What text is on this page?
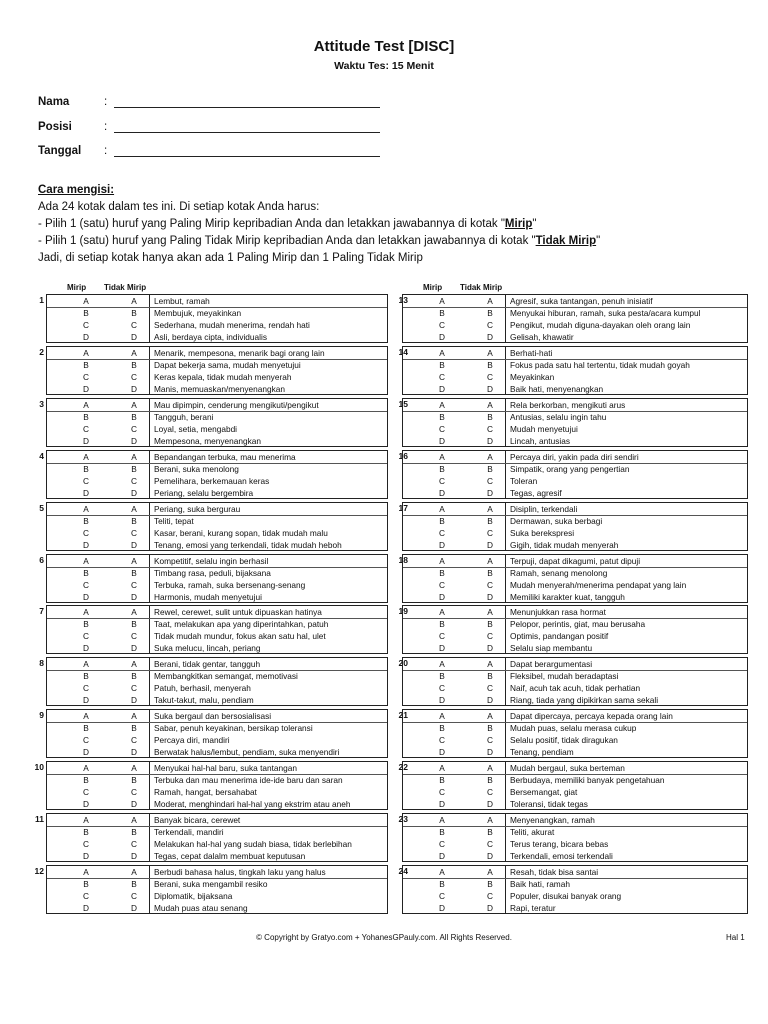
Attitude Test [DISC]
Waktu Tes: 15 Menit
Nama	:
Posisi	:
Tanggal :
Cara mengisi:
Ada 24 kotak dalam tes ini. Di setiap kotak Anda harus:
- Pilih 1 (satu) huruf yang Paling Mirip kepribadian Anda dan letakkan jawabannya di kotak "Mirip"
- Pilih 1 (satu) huruf yang Paling Tidak Mirip kepribadian Anda dan letakkan jawabannya di kotak "Tidak Mirip"
Jadi, di setiap kotak hanya akan ada 1 Paling Mirip dan 1 Paling Tidak Mirip
Mirip Tidak Mirip	Mirip Tidak Mirip
1	A	A	Lembut, ramah
B	B	Membujuk, meyakinkan
C	C	Sederhana, mudah menerima, rendah hati
D	D	Asli, berdaya cipta, individualis
2	A	A	Menarik, mempesona, menarik bagi orang lain
B	B	Dapat bekerja sama, mudah menyetujui
C	C	Keras kepala, tidak mudah menyerah
D	D	Manis, memuaskan/menyenangkan
3	A	A	Mau dipimpin, cenderung mengikuti/pengikut
B	B	Tangguh, berani
C	C	Loyal, setia, mengabdi
D	D	Mempesona, menyenangkan
4	A	A	Bepandangan terbuka, mau menerima
B	B	Berani, suka menolong
C	C	Pemelihara, berkemauan keras
D	D	Periang, selalu bergembira
5	A	A	Periang, suka bergurau
B	B	Teliti, tepat
C	C	Kasar, berani, kurang sopan, tidak mudah malu
D	D	Tenang, emosi yang terkendali, tidak mudah heboh
6	A	A	Kompetitif, selalu ingin berhasil
B	B	Timbang rasa, peduli, bijaksana
C	C	Terbuka, ramah, suka bersenang-senang
D	D	Harmonis, mudah menyetujui
7	A	A	Rewel, cerewet, sulit untuk dipuaskan hatinya
B	B	Taat, melakukan apa yang diperintahkan, patuh
C	C	Tidak mudah mundur, fokus akan satu hal, ulet
D	D	Suka melucu, lincah, periang
8	A	A	Berani, tidak gentar, tangguh
B	B	Membangkitkan semangat, memotivasi
C	C	Patuh, berhasil, menyerah
D	D	Takut-takut, malu, pendiam
9	A	A	Suka bergaul dan bersosialisasi
B	B	Sabar, penuh keyakinan, bersikap toleransi
C	C	Percaya diri, mandiri
D	D	Berwatak halus/lembut, pendiam, suka menyendiri
10	A	A	Menyukai hal-hal baru, suka tantangan
B	B	Terbuka dan mau menerima ide-ide baru dan saran
C	C	Ramah, hangat, bersahabat
D	D	Moderat, menghindari hal-hal yang ekstrim atau aneh
11	A	A	Banyak bicara, cerewet
B	B	Terkendali, mandiri
C	C	Melakukan hal-hal yang sudah biasa, tidak berlebihan
D	D	Tegas, cepat dalalm membuat keputusan
12	A	A	Berbudi bahasa halus, tingkah laku yang halus
B	B	Berani, suka mengambil resiko
C	C	Diplomatik, bijaksana
D	D	Mudah puas atau senang
13	A	A	Agresif, suka tantangan, penuh inisiatif
B	B	Menyukai hiburan, ramah, suka pesta/acara kumpul
C	C	Pengikut, mudah diguna-dayakan oleh orang lain
D	D	Gelisah, khawatir
14	A	A	Berhati-hati
B	B	Fokus pada satu hal tertentu, tidak mudah goyah
C	C	Meyakinkan
D	D	Baik hati, menyenangkan
15	A	A	Rela berkorban, mengikuti arus
B	B	Antusias, selalu ingin tahu
C	C	Mudah menyetujui
D	D	Lincah, antusias
16	A	A	Percaya diri, yakin pada diri sendiri
B	B	Simpatik, orang yang pengertian
C	C	Toleran
D	D	Tegas, agresif
17	A	A	Disiplin, terkendali
B	B	Dermawan, suka berbagi
C	C	Suka berekspresi
D	D	Gigih, tidak mudah menyerah
18	A	A	Terpuji, dapat dikagumi, patut dipuji
B	B	Ramah, senang menolong
C	C	Mudah menyerah/menerima pendapat yang lain
D	D	Memiliki karakter kuat, tangguh
19	A	A	Menunjukkan rasa hormat
B	B	Pelopor, perintis, giat, mau berusaha
C	C	Optimis, pandangan positif
D	D	Selalu siap membantu
20	A	A	Dapat berargumentasi
B	B	Fleksibel, mudah beradaptasi
C	C	Naif, acuh tak acuh, tidak perhatian
D	D	Riang, tiada yang dipikirkan sama sekali
21	A	A	Dapat dipercaya, percaya kepada orang lain
B	B	Mudah puas, selalu merasa cukup
C	C	Selalu positif, tidak diragukan
D	D	Tenang, pendiam
22	A	A	Mudah bergaul, suka berteman
B	B	Berbudaya, memiliki banyak pengetahuan
C	C	Bersemangat, giat
D	D	Toleransi, tidak tegas
23	A	A	Menyenangkan, ramah
B	B	Teliti, akurat
C	C	Terus terang, bicara bebas
D	D	Terkendali, emosi terkendali
24	A	A	Resah, tidak bisa santai
B	B	Baik hati, ramah
C	C	Populer, disukai banyak orang
D	D	Rapi, teratur
© Copyright by Gratyo.com + YohanesGPauly.com. All Rights Reserved.	Hal 1
